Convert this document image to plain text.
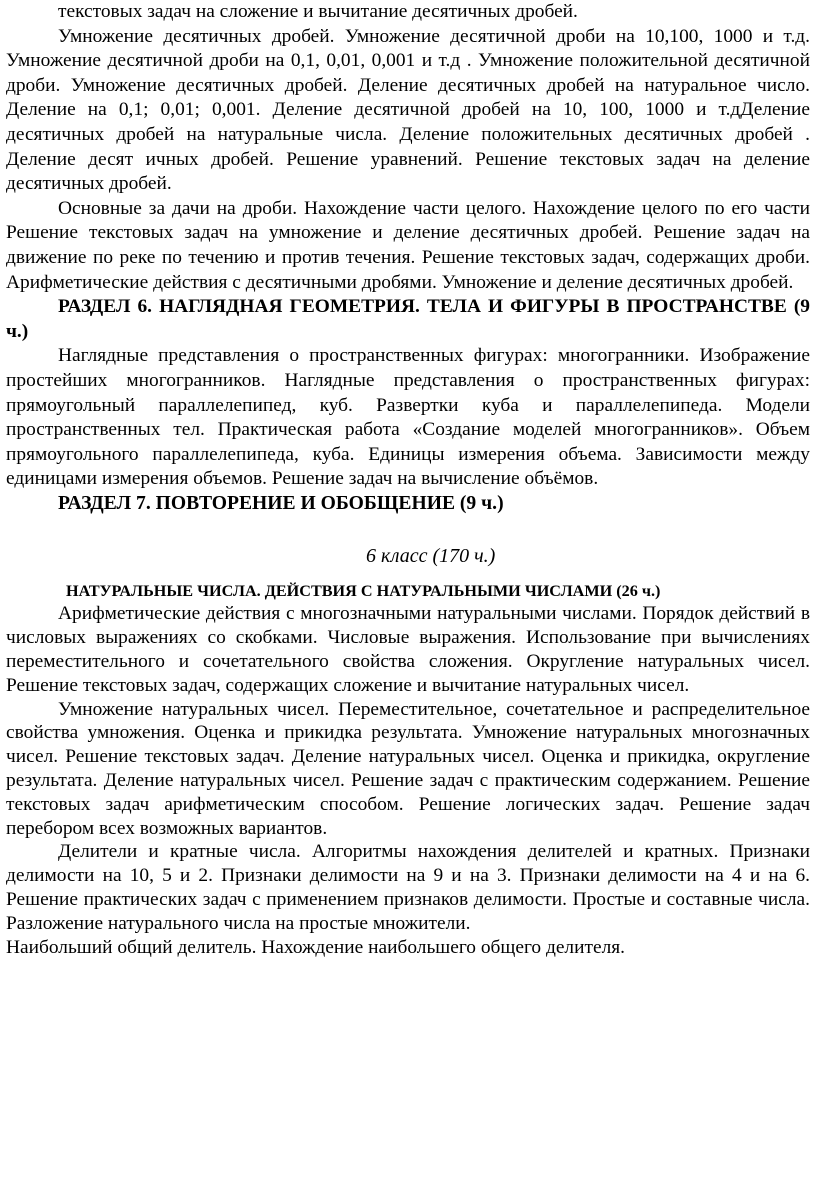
текстовых задач на сложение и вычитание десятичных дробей.

Умножение десятичных дробей. Умножение десятичной дроби на 10,100, 1000 и т.д. Умножение десятичной дроби на 0,1, 0,01, 0,001 и т.д . Умножение положительной десятичной дроби. Умножение десятичных дробей. Деление десятичных дробей на натуральное число. Деление на 0,1; 0,01; 0,001. Деление десятичной дробей на 10, 100, 1000 и т.дДеление десятичных дробей на натуральные числа. Деление положительных десятичных дробей . Деление десят ичных дробей. Решение уравнений. Решение текстовых задач на деление десятичных дробей.

Основные за дачи на дроби. Нахождение части целого. Нахождение целого по его части Решение текстовых задач на умножение и деление десятичных дробей. Решение задач на движение по реке по течению и против течения. Решение текстовых задач, содержащих дроби. Арифметические действия с десятичными дробями. Умножение и деление десятичных дробей.

РАЗДЕЛ 6. НАГЛЯДНАЯ ГЕОМЕТРИЯ. ТЕЛА И ФИГУРЫ В ПРОСТРАНСТВЕ (9 ч.)

Наглядные представления о пространственных фигурах: многогранники. Изображение простейших многогранников. Наглядные представления о пространственных фигурах: прямоугольный параллелепипед, куб. Развертки куба и параллелепипеда. Модели пространственных тел. Практическая работа «Создание моделей многогранников». Объем прямоугольного параллелепипеда, куба. Единицы измерения объема. Зависимости между единицами измерения объемов. Решение задач на вычисление объёмов.

РАЗДЕЛ 7. ПОВТОРЕНИЕ И ОБОБЩЕНИЕ (9 ч.)

6 класс (170 ч.)

НАТУРАЛЬНЫЕ ЧИСЛА. ДЕЙСТВИЯ С НАТУРАЛЬНЫМИ ЧИСЛАМИ (26 ч.)

Арифметические действия с многозначными натуральными числами. Порядок действий в числовых выражениях со скобками. Числовые выражения. Использование при вычислениях переместительного и сочетательного свойства сложения. Округление натуральных чисел. Решение текстовых задач, содержащих сложение и вычитание натуральных чисел.

Умножение натуральных чисел. Переместительное, сочетательное и распределительное свойства умножения. Оценка и прикидка результата. Умножение натуральных многозначных чисел. Решение текстовых задач. Деление натуральных чисел. Оценка и прикидка, округление результата. Деление натуральных чисел. Решение задач с практическим содержанием. Решение текстовых задач арифметическим способом. Решение логических задач. Решение задач перебором всех возможных вариантов.

Делители и кратные числа. Алгоритмы нахождения делителей и кратных. Признаки делимости на 10, 5 и 2. Признаки делимости на 9 и на 3. Признаки делимости на 4 и на 6. Решение практических задач с применением признаков делимости. Простые и составные числа. Разложение натурального числа на простые множители.

Наибольший общий делитель. Нахождение наибольшего общего делителя.
